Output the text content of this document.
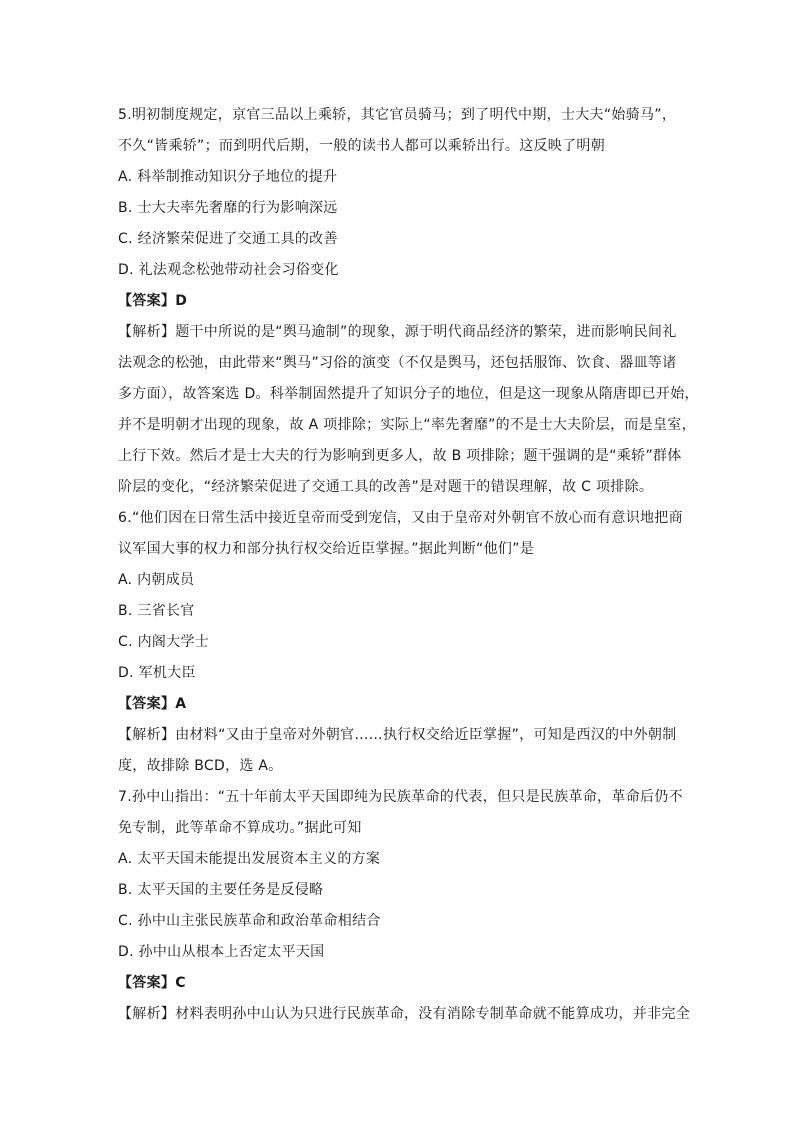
5.明初制度规定，京官三品以上乘轿，其它官员骑马；到了明代中期，士大夫“始骑马”，
不久“皆乘轿”；而到明代后期，一般的读书人都可以乘轿出行。这反映了明朝
A. 科举制推动知识分子地位的提升
B. 士大夫率先奢靡的行为影响深远
C. 经济繁荣促进了交通工具的改善
D. 礼法观念松弛带动社会习俗变化
【答案】D
【解析】题干中所说的是“舆马逾制”的现象，源于明代商品经济的繁荣，进而影响民间礼
法观念的松弛，由此带来“舆马”习俗的演变（不仅是舆马，还包括服饰、饮食、器皿等诸
多方面），故答案选 D。科举制固然提升了知识分子的地位，但是这一现象从隋唐即已开始，
并不是明朝才出现的现象，故 A 项排除；实际上“率先奢靡”的不是士大夫阶层，而是皇室，
上行下效。然后才是士大夫的行为影响到更多人，故 B 项排除；题干强调的是“乘轿”群体
阶层的变化，“经济繁荣促进了交通工具的改善”是对题干的错误理解，故 C 项排除。
6.“他们因在日常生活中接近皇帝而受到宠信，又由于皇帝对外朝官不放心而有意识地把商
议军国大事的权力和部分执行权交给近臣掌握。”据此判断“他们”是
A. 内朝成员
B. 三省长官
C. 内阁大学士
D. 军机大臣
【答案】A
【解析】由材料“又由于皇帝对外朝官……执行权交给近臣掌握”，可知是西汉的中外朝制
度，故排除 BCD，选 A。
7.孙中山指出：“五十年前太平天国即纯为民族革命的代表，但只是民族革命，革命后仍不
免专制，此等革命不算成功。”据此可知
A. 太平天国未能提出发展资本主义的方案
B. 太平天国的主要任务是反侵略
C. 孙中山主张民族革命和政治革命相结合
D. 孙中山从根本上否定太平天国
【答案】C
【解析】材料表明孙中山认为只进行民族革命，没有消除专制革命就不能算成功，并非完全
